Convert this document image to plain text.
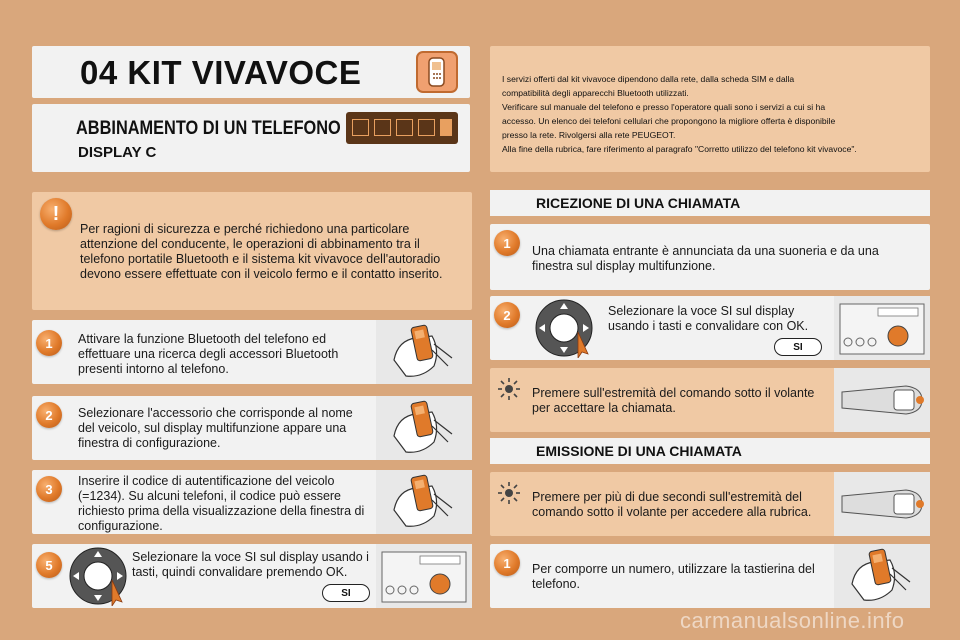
04 KIT VIVAVOCE
ABBINAMENTO DI UN TELEFONO
DISPLAY C
I servizi offerti dal kit vivavoce dipendono dalla rete, dalla scheda SIM e dalla
compatibilità degli apparecchi Bluetooth utilizzati.
Verificare sul manuale del telefono e presso l'operatore quali sono i servizi a cui si ha
accesso. Un elenco dei telefoni cellulari che propongono la migliore offerta è disponibile
presso la rete. Rivolgersi alla rete PEUGEOT.
Alla fine della rubrica, fare riferimento al paragrafo "Corretto utilizzo del telefono kit vivavoce".
!
Per ragioni di sicurezza e perché richiedono una particolare attenzione del conducente, le operazioni di abbinamento tra il telefono portatile Bluetooth e il sistema kit vivavoce dell'autoradio devono essere effettuate con il veicolo fermo e il contatto inserito.
1	Attivare la funzione Bluetooth del telefono ed effettuare una ricerca degli accessori Bluetooth presenti intorno al telefono.
2	Selezionare l'accessorio che corrisponde al nome del veicolo, sul display multifunzione appare una finestra di configurazione.
3
Inserire il codice di autentificazione del veicolo (=1234). Su alcuni telefoni, il codice può essere richiesto prima della visualizzazione della finestra di configurazione.
5
Selezionare la voce SI sul display usando i tasti, quindi convalidare premendo OK.
SI
RICEZIONE DI UNA CHIAMATA
1
Una chiamata entrante è annunciata da una suoneria e da una finestra sul display multifunzione.
2	Selezionare la voce SI sul display usando i tasti e convalidare con OK.
SI
Premere sull'estremità del comando sotto il volante per accettare la chiamata.
EMISSIONE DI UNA CHIAMATA
Premere per più di due secondi sull'estremità del comando sotto il volante per accedere alla rubrica.
1	Per comporre un numero, utilizzare la tastierina del telefono.
carmanualsonline.info
